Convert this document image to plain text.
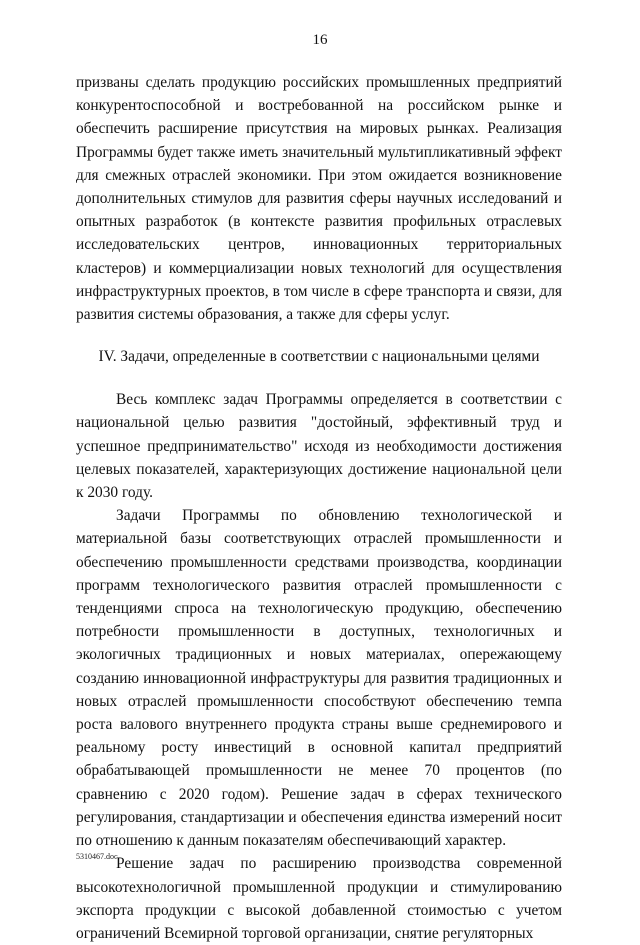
16

призваны сделать продукцию российских промышленных предприятий конкурентоспособной и востребованной на российском рынке и обеспечить расширение присутствия на мировых рынках. Реализация Программы будет также иметь значительный мультипликативный эффект для смежных отраслей экономики. При этом ожидается возникновение дополнительных стимулов для развития сферы научных исследований и опытных разработок (в контексте развития профильных отраслевых исследовательских центров, инновационных территориальных кластеров) и коммерциализации новых технологий для осуществления инфраструктурных проектов, в том числе в сфере транспорта и связи, для развития системы образования, а также для сферы услуг.

IV. Задачи, определенные в соответствии с национальными целями

Весь комплекс задач Программы определяется в соответствии с национальной целью развития "достойный, эффективный труд и успешное предпринимательство" исходя из необходимости достижения целевых показателей, характеризующих достижение национальной цели к 2030 году.

Задачи Программы по обновлению технологической и материальной базы соответствующих отраслей промышленности и обеспечению промышленности средствами производства, координации программ технологического развития отраслей промышленности с тенденциями спроса на технологическую продукцию, обеспечению потребности промышленности в доступных, технологичных и экологичных традиционных и новых материалах, опережающему созданию инновационной инфраструктуры для развития традиционных и новых отраслей промышленности способствуют обеспечению темпа роста валового внутреннего продукта страны выше среднемирового и реальному росту инвестиций в основной капитал предприятий обрабатывающей промышленности не менее 70 процентов (по сравнению с 2020 годом). Решение задач в сферах технического регулирования, стандартизации и обеспечения единства измерений носит по отношению к данным показателям обеспечивающий характер.

Решение задач по расширению производства современной высокотехнологичной промышленной продукции и стимулированию экспорта продукции с высокой добавленной стоимостью с учетом ограничений Всемирной торговой организации, снятие регуляторных

5310467.doc
